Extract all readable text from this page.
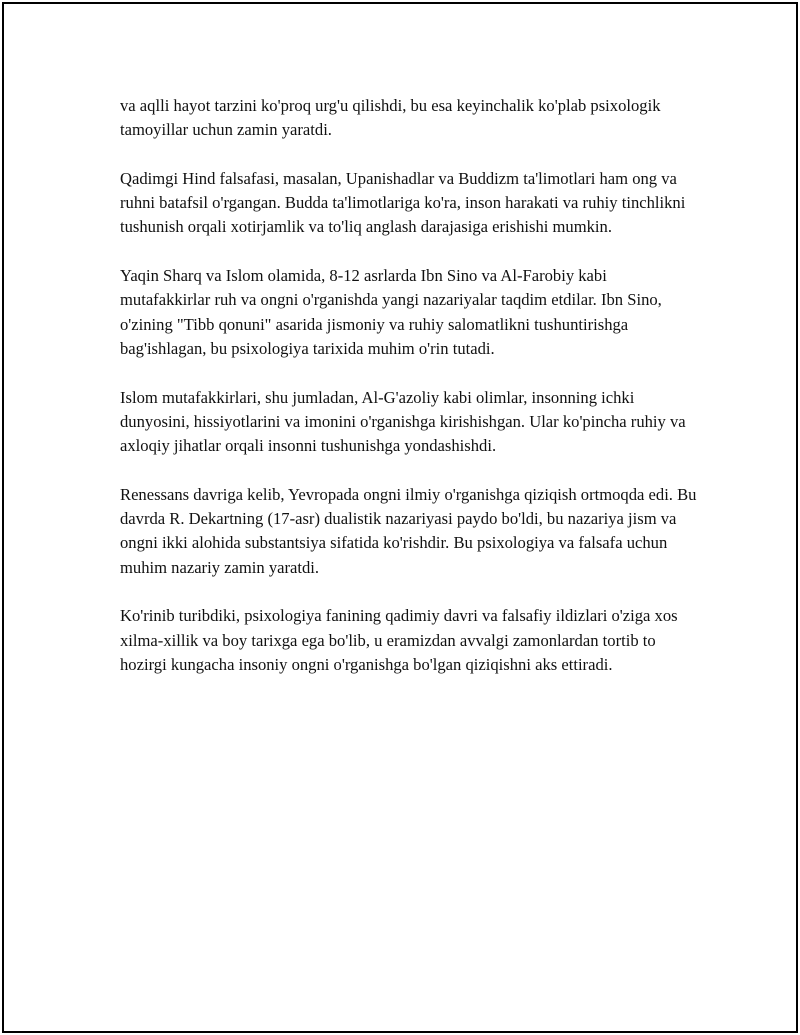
va aqlli hayot tarzini ko'proq urg'u qilishdi, bu esa keyinchalik ko'plab psixologik tamoyillar uchun zamin yaratdi.

Qadimgi Hind falsafasi, masalan, Upanishadlar va Buddizm ta'limotlari ham ong va ruhni batafsil o'rgangan. Budda ta'limotlariga ko'ra, inson harakati va ruhiy tinchlikni tushunish orqali xotirjamlik va to'liq anglash darajasiga erishishi mumkin.

Yaqin Sharq va Islom olamida, 8-12 asrlarda Ibn Sino va Al-Farobiy kabi mutafakkirlar ruh va ongni o'rganishda yangi nazariyalar taqdim etdilar. Ibn Sino, o'zining "Tibb qonuni" asarida jismoniy va ruhiy salomatlikni tushuntirishga bag'ishlagan, bu psixologiya tarixida muhim o'rin tutadi.

Islom mutafakkirlari, shu jumladan, Al-G'azoliy kabi olimlar, insonning ichki dunyosini, hissiyotlarini va imonini o'rganishga kirishishgan. Ular ko'pincha ruhiy va axloqiy jihatlar orqali insonni tushunishga yondashishdi.

Renessans davriga kelib, Yevropada ongni ilmiy o'rganishga qiziqish ortmoqda edi. Bu davrda R. Dekartning (17-asr) dualistik nazariyasi paydo bo'ldi, bu nazariya jism va ongni ikki alohida substantsiya sifatida ko'rishdir. Bu psixologiya va falsafa uchun muhim nazariy zamin yaratdi.

Ko'rinib turibdiki, psixologiya fanining qadimiy davri va falsafiy ildizlari o'ziga xos xilma-xillik va boy tarixga ega bo'lib, u eramizdan avvalgi zamonlardan tortib to hozirgi kungacha insoniy ongni o'rganishga bo'lgan qiziqishni aks ettiradi.
